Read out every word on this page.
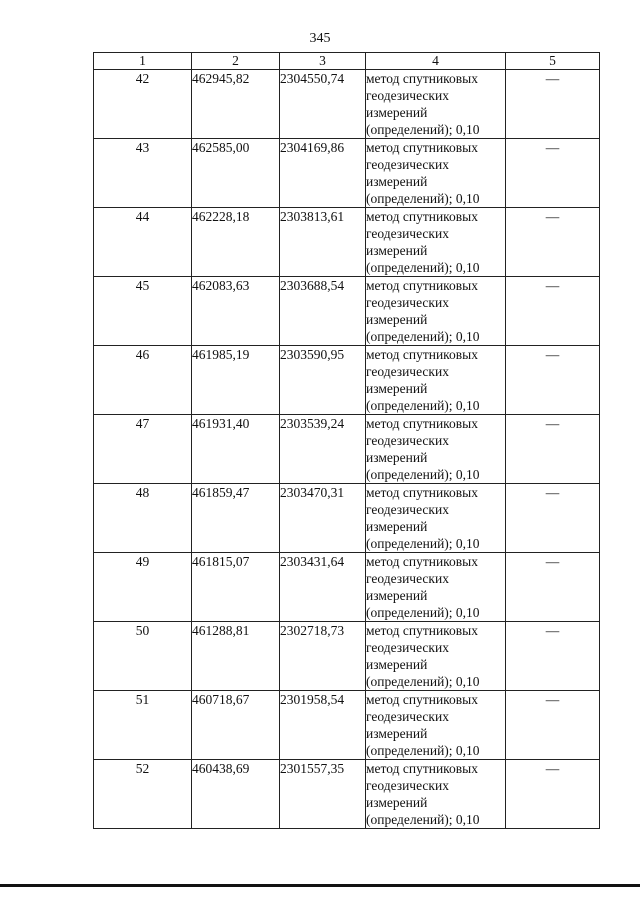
345
1	2	3	4	5
42	462945,82	2304550,74	метод спутниковых
геодезических
измерений
(определений); 0,10	—
43	462585,00	2304169,86	метод спутниковых
геодезических
измерений
(определений); 0,10	—
44	462228,18	2303813,61	метод спутниковых
геодезических
измерений
(определений); 0,10	—
45	462083,63	2303688,54	метод спутниковых
геодезических
измерений
(определений); 0,10	—
46	461985,19	2303590,95	метод спутниковых
геодезических
измерений
(определений); 0,10	—
47	461931,40	2303539,24	метод спутниковых
геодезических
измерений
(определений); 0,10	—
48	461859,47	2303470,31	метод спутниковых
геодезических
измерений
(определений); 0,10	—
49	461815,07	2303431,64	метод спутниковых
геодезических
измерений
(определений); 0,10	—
50	461288,81	2302718,73	метод спутниковых
геодезических
измерений
(определений); 0,10	—
51	460718,67	2301958,54	метод спутниковых
геодезических
измерений
(определений); 0,10	—
52	460438,69	2301557,35	метод спутниковых
геодезических
измерений
(определений); 0,10	—
